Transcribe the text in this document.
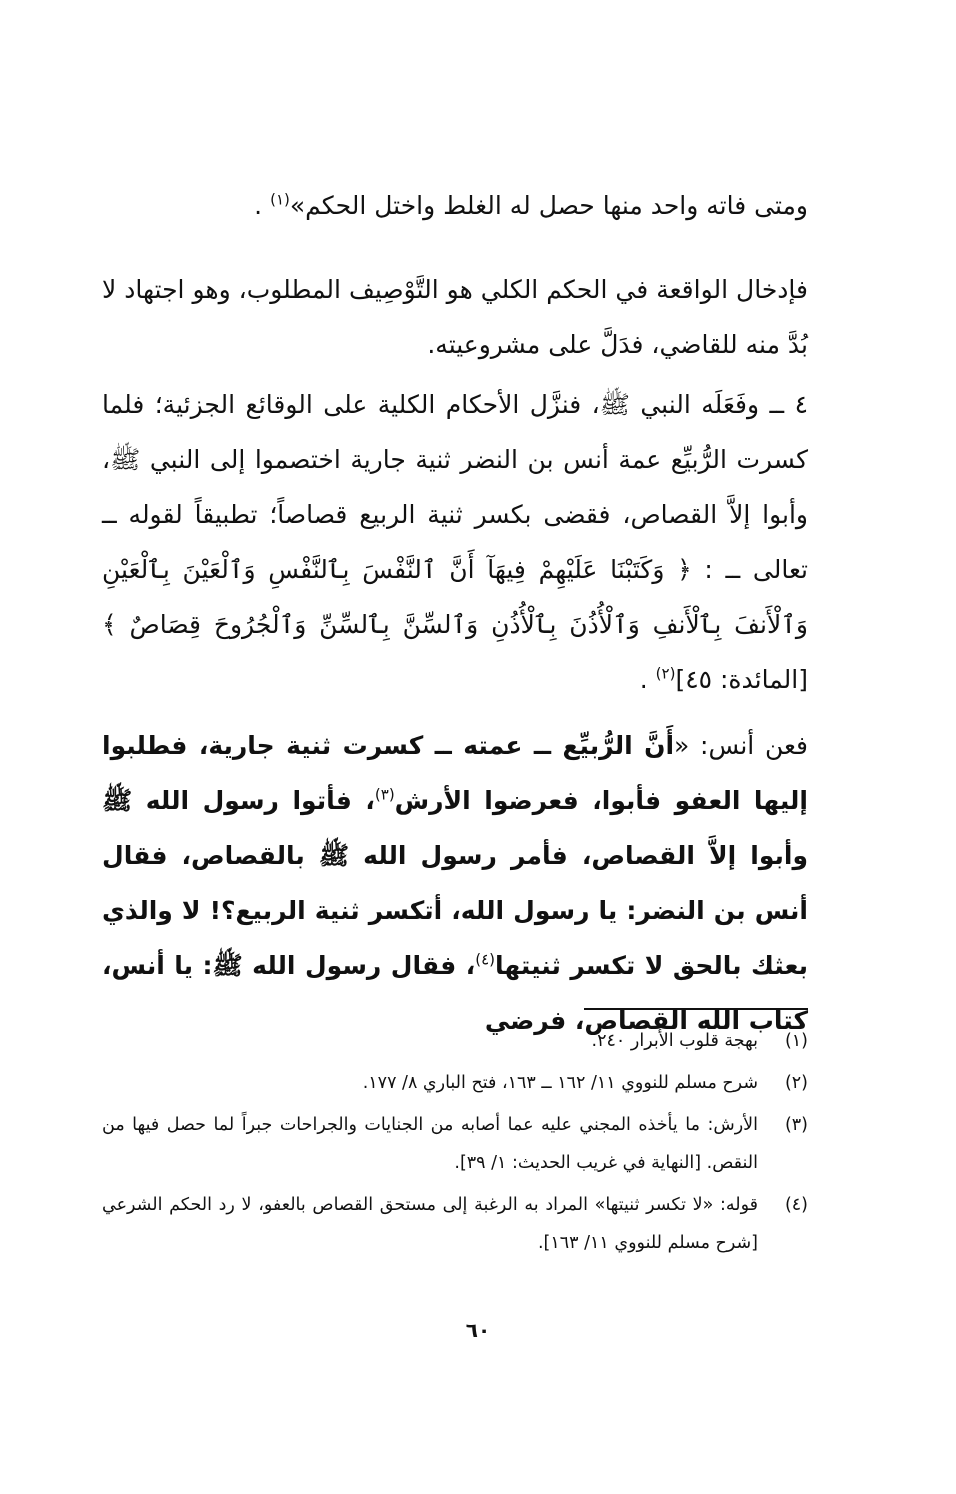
ومتى فاته واحد منها حصل له الغلط واختل الحكم»$^{(١)}$ .

فإدخال الواقعة في الحكم الكلي هو التَّوْصِيف المطلوب، وهو اجتهاد لا بُدَّ منه للقاضي، فدَلَّ على مشروعيته.

٤ ــ وفَعَلَه النبي ﷺ، فنزَّل الأحكام الكلية على الوقائع الجزئية؛ فلما كسرت الرُّبيِّع عمة أنس بن النضر ثنية جارية اختصموا إلى النبي ﷺ، وأبوا إلاَّ القصاص، فقضى بكسر ثنية الربيع قصاصاً؛ تطبيقاً لقوله ــ تعالى ــ : ﴿ وَكَتَبْنَا عَلَيْهِمْ فِيهَآ أَنَّ ٱلنَّفْسَ بِٱلنَّفْسِ وَٱلْعَيْنَ بِٱلْعَيْنِ وَٱلْأَنفَ بِٱلْأَنفِ وَٱلْأُذُنَ بِٱلْأُذُنِ وَٱلسِّنَّ بِٱلسِّنِّ وَٱلْجُرُوحَ قِصَاصٌ ﴾ [المائدة: ٤٥]$^{(٢)}$ .

فعن أنس: «أَنَّ الرُّبيِّع ــ عمته ــ كسرت ثنية جارية، فطلبوا إليها العفو فأبوا، فعرضوا الأرش$^{(٣)}$، فأتوا رسول الله ﷺ وأبوا إلاَّ القصاص، فأمر رسول الله ﷺ بالقصاص، فقال أنس بن النضر: يا رسول الله، أتكسر ثنية الربيع؟! لا والذي بعثك بالحق لا تكسر ثنيتها$^{(٤)}$، فقال رسول الله ﷺ: يا أنس، كتاب الله القصاص، فرضي

(١)
بهجة قلوب الأبرار ٢٤٠.
(٢)
شرح مسلم للنووي ١١/ ١٦٢ ــ ١٦٣، فتح الباري ٨/ ١٧٧.
(٣)
الأرش: ما يأخذه المجني عليه عما أصابه من الجنايات والجراحات جبراً لما حصل فيها من النقص. [النهاية في غريب الحديث: ١/ ٣٩].
(٤)
قوله: «لا تكسر ثنيتها» المراد به الرغبة إلى مستحق القصاص بالعفو، لا رد الحكم الشرعي [شرح مسلم للنووي ١١/ ١٦٣].
٦٠
